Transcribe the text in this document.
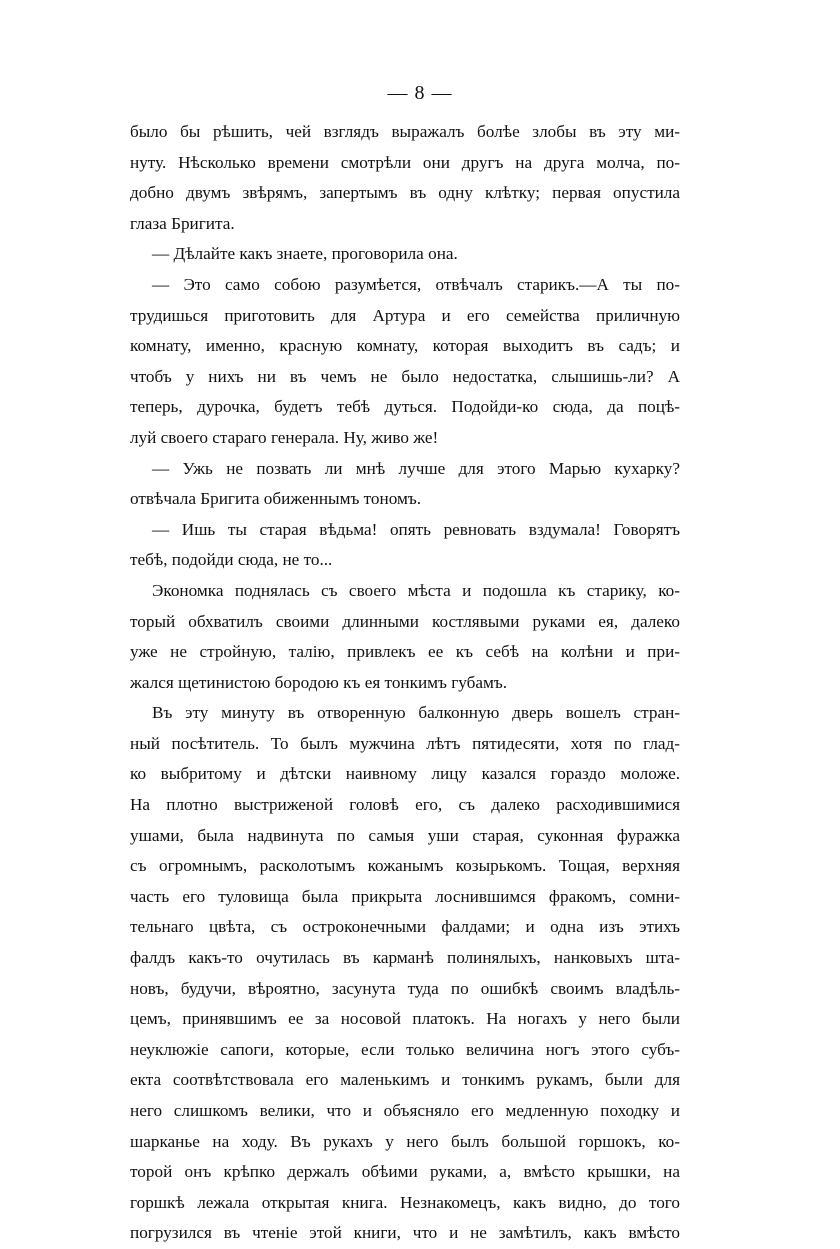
— 8 —
было бы рѣшить, чей взглядъ выражалъ болѣе злобы въ эту ми-
нуту. Нѣсколько времени смотрѣли они другъ на друга молча, по-
добно двумъ звѣрямъ, запертымъ въ одну клѣтку; первая опустила
глаза Бригита.
— Дѣлайте какъ знаете, проговорила она.
— Это само собою разумѣется, отвѣчалъ старикъ.—А ты по-
трудишься приготовить для Артура и его семейства приличную
комнату, именно, красную комнату, которая выходитъ въ садъ; и
чтобъ у нихъ ни въ чемъ не было недостатка, слышишь-ли? А
теперь, дурочка, будетъ тебѣ дуться. Подойди-ко сюда, да поцѣ-
луй своего стараго генерала. Ну, живо же!
— Ужь не позвать ли мнѣ лучше для этого Марью кухарку?
отвѣчала Бригита обиженнымъ тономъ.
— Ишь ты старая вѣдьма! опять ревновать вздумала! Говорятъ
тебѣ, подойди сюда, не то...
Экономка поднялась съ своего мѣста и подошла къ старику, ко-
торый обхватилъ своими длинными костлявыми руками ея, далеко
уже не стройную, талію, привлекъ ее къ себѣ на колѣни и при-
жался щетинистою бородою къ ея тонкимъ губамъ.
Въ эту минуту въ отворенную балконную дверь вошелъ стран-
ный посѣтитель. То былъ мужчина лѣтъ пятидесяти, хотя по глад-
ко выбритому и дѣтски наивному лицу казался гораздо моложе.
На плотно выстриженой головѣ его, съ далеко расходившимися
ушами, была надвинута по самыя уши старая, суконная фуражка
съ огромнымъ, расколотымъ кожанымъ козырькомъ. Тощая, верхняя
часть его туловища была прикрыта лоснившимся фракомъ, сомни-
тельнаго цвѣта, съ остроконечными фалдами; и одна изъ этихъ
фалдъ какъ-то очутилась въ карманѣ полинялыхъ, нанковыхъ шта-
новъ, будучи, вѣроятно, засунута туда по ошибкѣ своимъ владѣль-
цемъ, принявшимъ ее за носовой платокъ. На ногахъ у него были
неуклюжіе сапоги, которые, если только величина ногъ этого субъ-
екта соотвѣтствовала его маленькимъ и тонкимъ рукамъ, были для
него слишкомъ велики, что и объясняло его медленную походку и
шарканье на ходу. Въ рукахъ у него былъ большой горшокъ, ко-
торой онъ крѣпко держалъ обѣими руками, а, вмѣсто крышки, на
горшкѣ лежала открытая книга. Незнакомецъ, какъ видно, до того
погрузился въ чтеніе этой книги, что и не замѣтилъ, какъ вмѣсто
